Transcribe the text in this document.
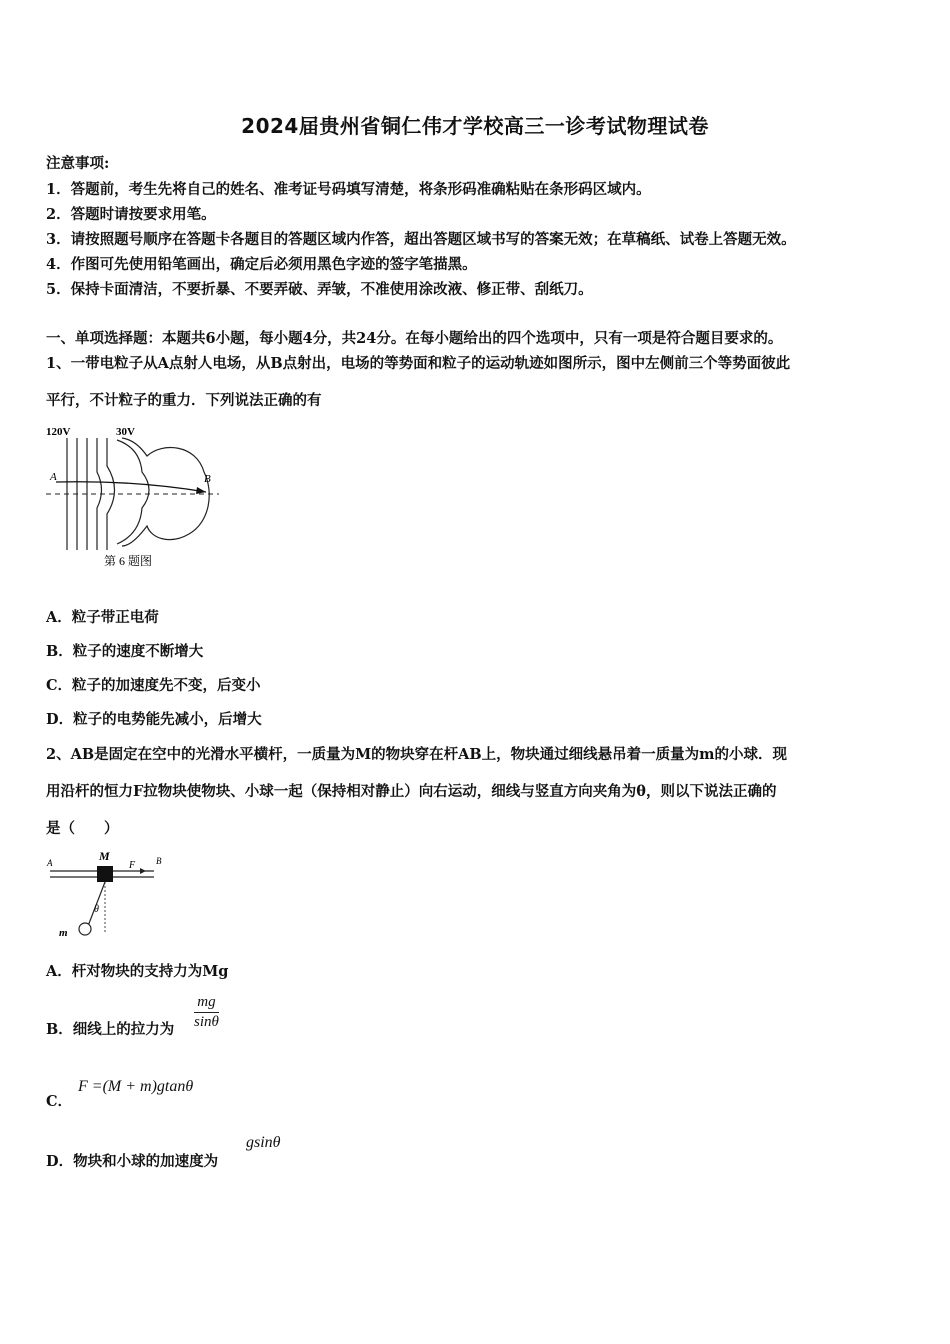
2024届贵州省铜仁伟才学校高三一诊考试物理试卷
注意事项:
1．答题前，考生先将自己的姓名、准考证号码填写清楚，将条形码准确粘贴在条形码区域内。
2．答题时请按要求用笔。
3．请按照题号顺序在答题卡各题目的答题区域内作答，超出答题区域书写的答案无效；在草稿纸、试卷上答题无效。
4．作图可先使用铅笔画出，确定后必须用黑色字迹的签字笔描黑。
5．保持卡面清洁，不要折暴、不要弄破、弄皱，不准使用涂改液、修正带、刮纸刀。
一、单项选择题：本题共6小题，每小题4分，共24分。在每小题给出的四个选项中，只有一项是符合题目要求的。
1、一带电粒子从A点射人电场，从B点射出，电场的等势面和粒子的运动轨迹如图所示，图中左侧前三个等势面彼此
平行，不计粒子的重力．下列说法正确的有
120V	30V
A	B
第 6 题图
A．粒子带正电荷
B．粒子的速度不断增大
C．粒子的加速度先不变，后变小
D．粒子的电势能先减小，后增大
2、AB是固定在空中的光滑水平横杆，一质量为M的物块穿在杆AB上，物块通过细线悬吊着一质量为m的小球．现
用沿杆的恒力F拉物块使物块、小球一起（保持相对静止）向右运动，细线与竖直方向夹角为θ，则以下说法正确的
是（　　）
A	B
M
F
θ
m
A．杆对物块的支持力为Mg
B．细线上的拉力为
mg
sinθ
C．
F =(M + m)gtanθ
D．物块和小球的加速度为
gsinθ
